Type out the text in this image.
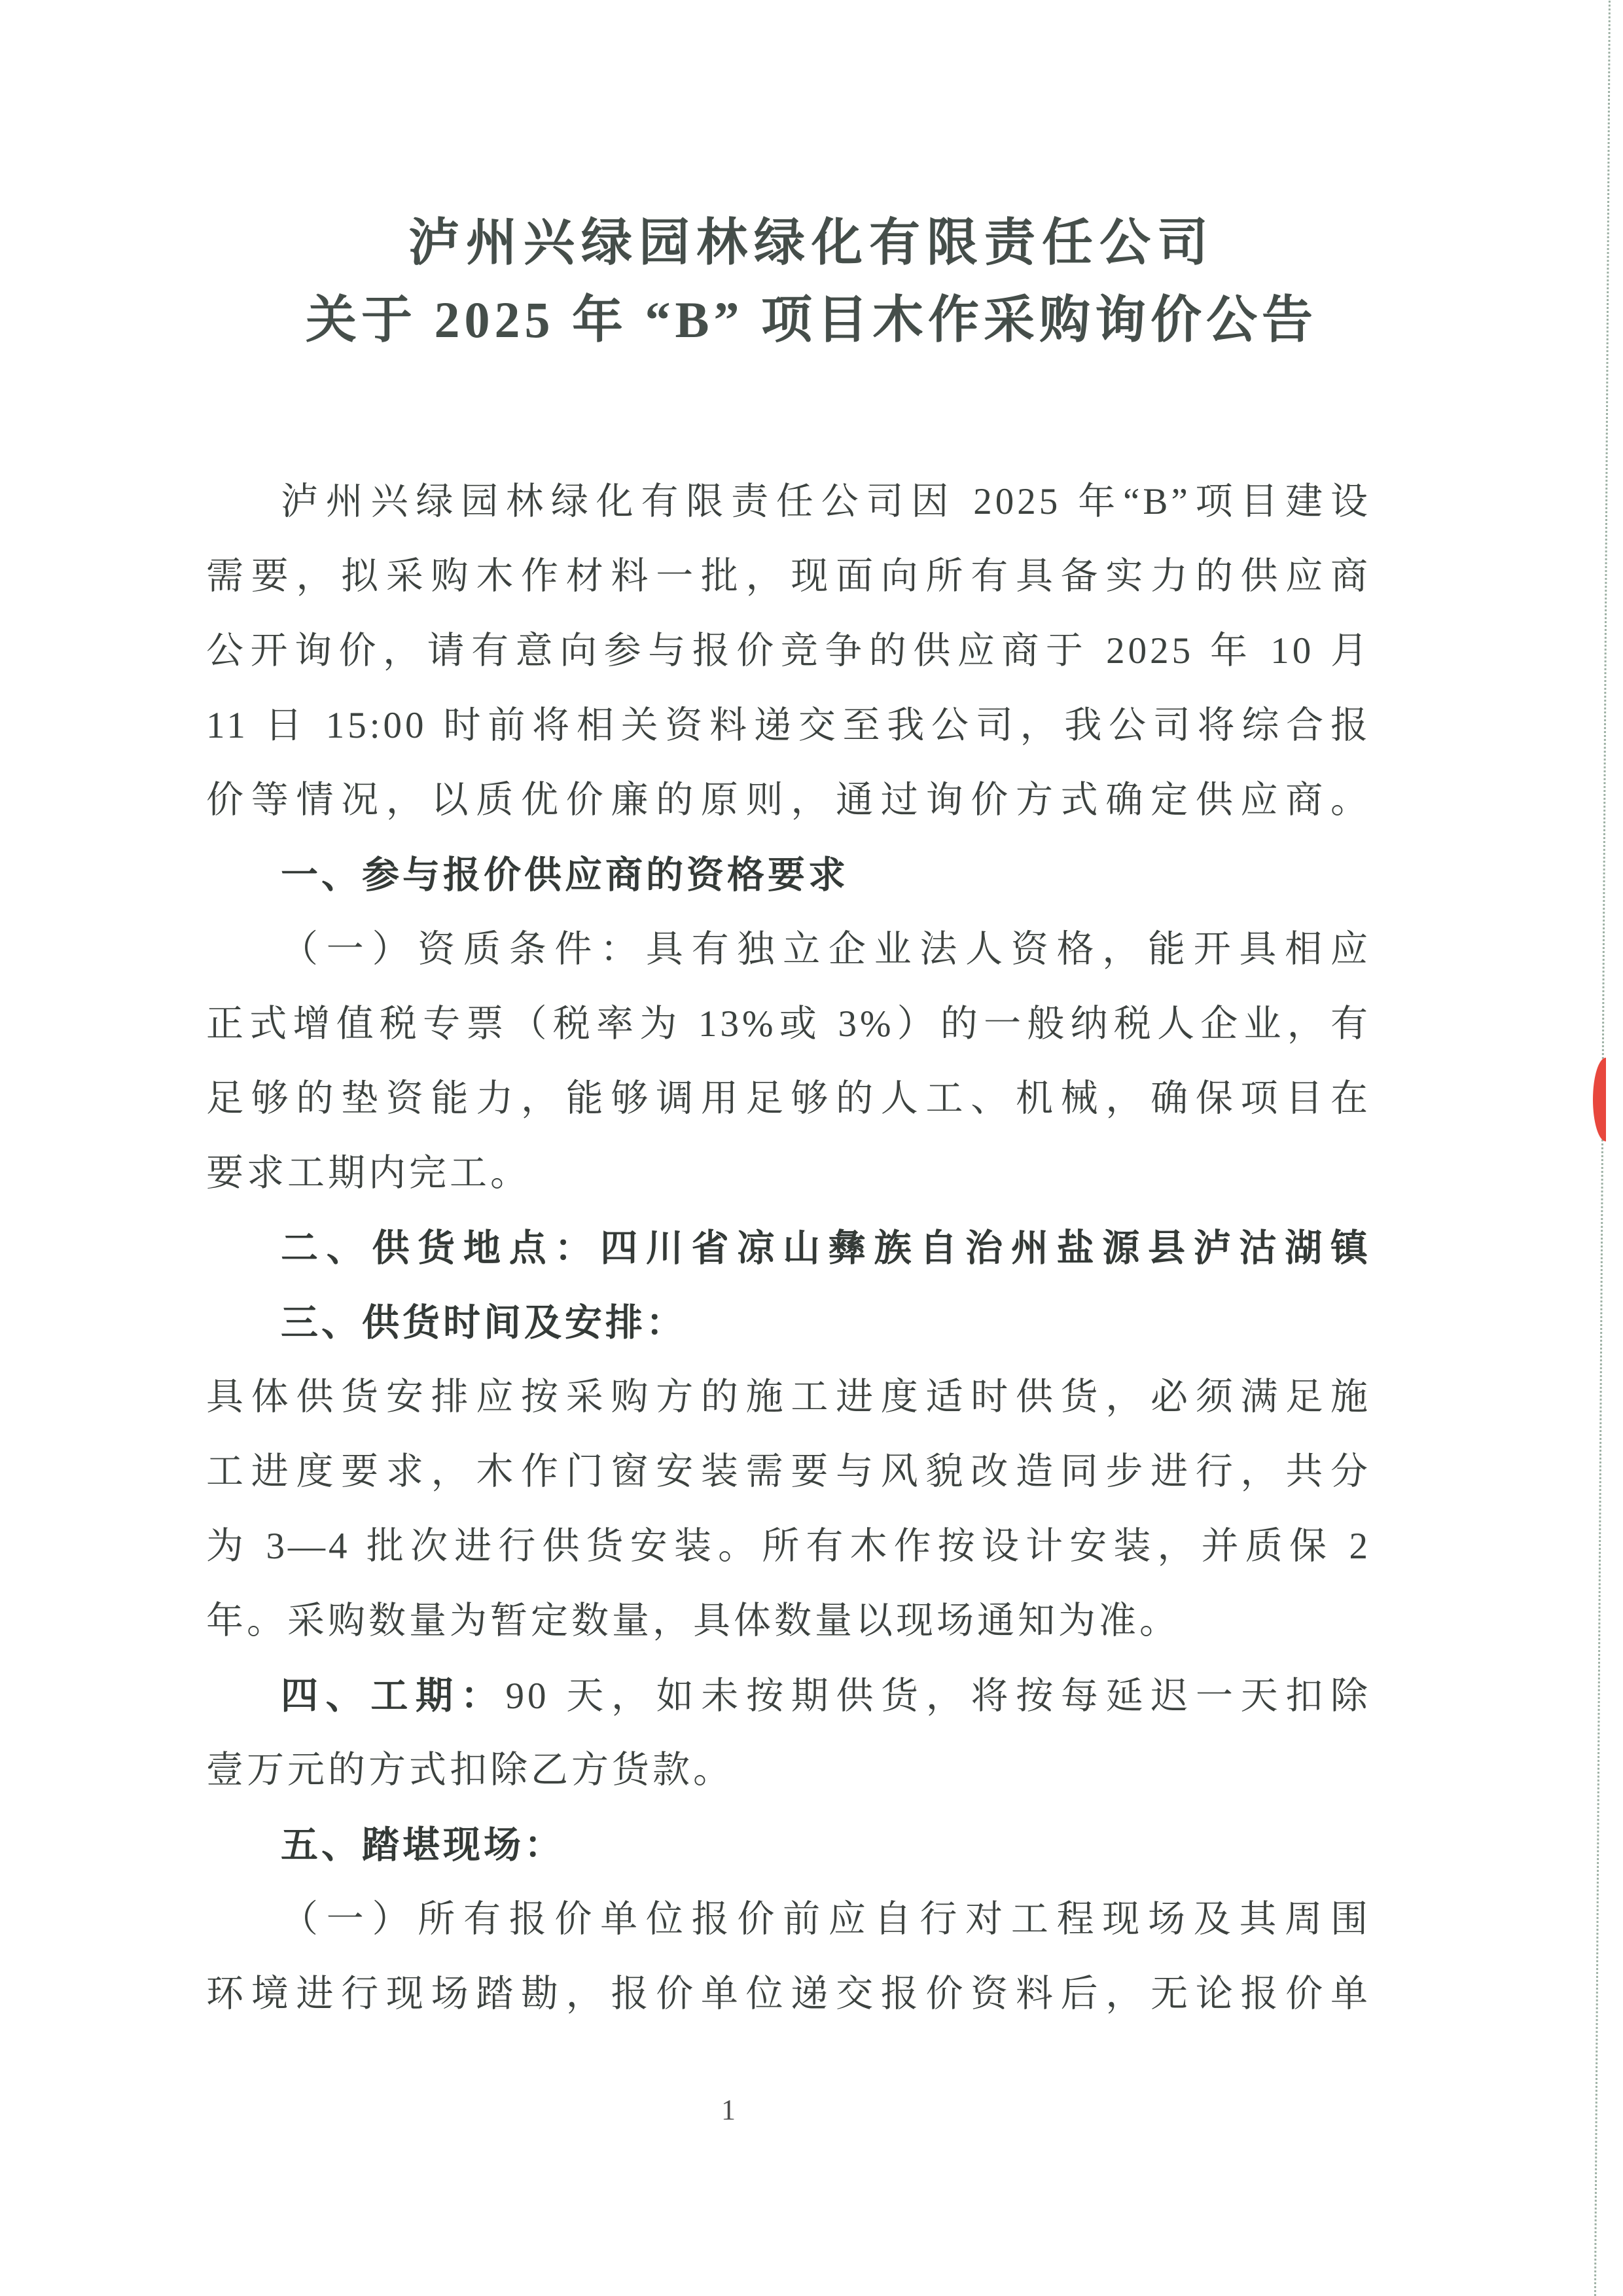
泸州兴绿园林绿化有限责任公司
关于 2025 年 “B” 项目木作采购询价公告
泸州兴绿园林绿化有限责任公司因 2025 年“B”项目建设
需要，拟采购木作材料一批，现面向所有具备实力的供应商
公开询价，请有意向参与报价竞争的供应商于 2025 年 10 月
11 日 15:00 时前将相关资料递交至我公司，我公司将综合报
价等情况，以质优价廉的原则，通过询价方式确定供应商。
一、参与报价供应商的资格要求
（一）资质条件：具有独立企业法人资格，能开具相应
正式增值税专票（税率为 13%或 3%）的一般纳税人企业，有
足够的垫资能力，能够调用足够的人工、机械，确保项目在
要求工期内完工。
二、供货地点：四川省凉山彝族自治州盐源县泸沽湖镇
三、供货时间及安排：
具体供货安排应按采购方的施工进度适时供货，必须满足施
工进度要求，木作门窗安装需要与风貌改造同步进行，共分
为 3—4 批次进行供货安装。所有木作按设计安装，并质保 2
年。采购数量为暂定数量，具体数量以现场通知为准。
四、工期：90 天，如未按期供货，将按每延迟一天扣除
壹万元的方式扣除乙方货款。
五、踏堪现场：
（一）所有报价单位报价前应自行对工程现场及其周围
环境进行现场踏勘，报价单位递交报价资料后，无论报价单
1
